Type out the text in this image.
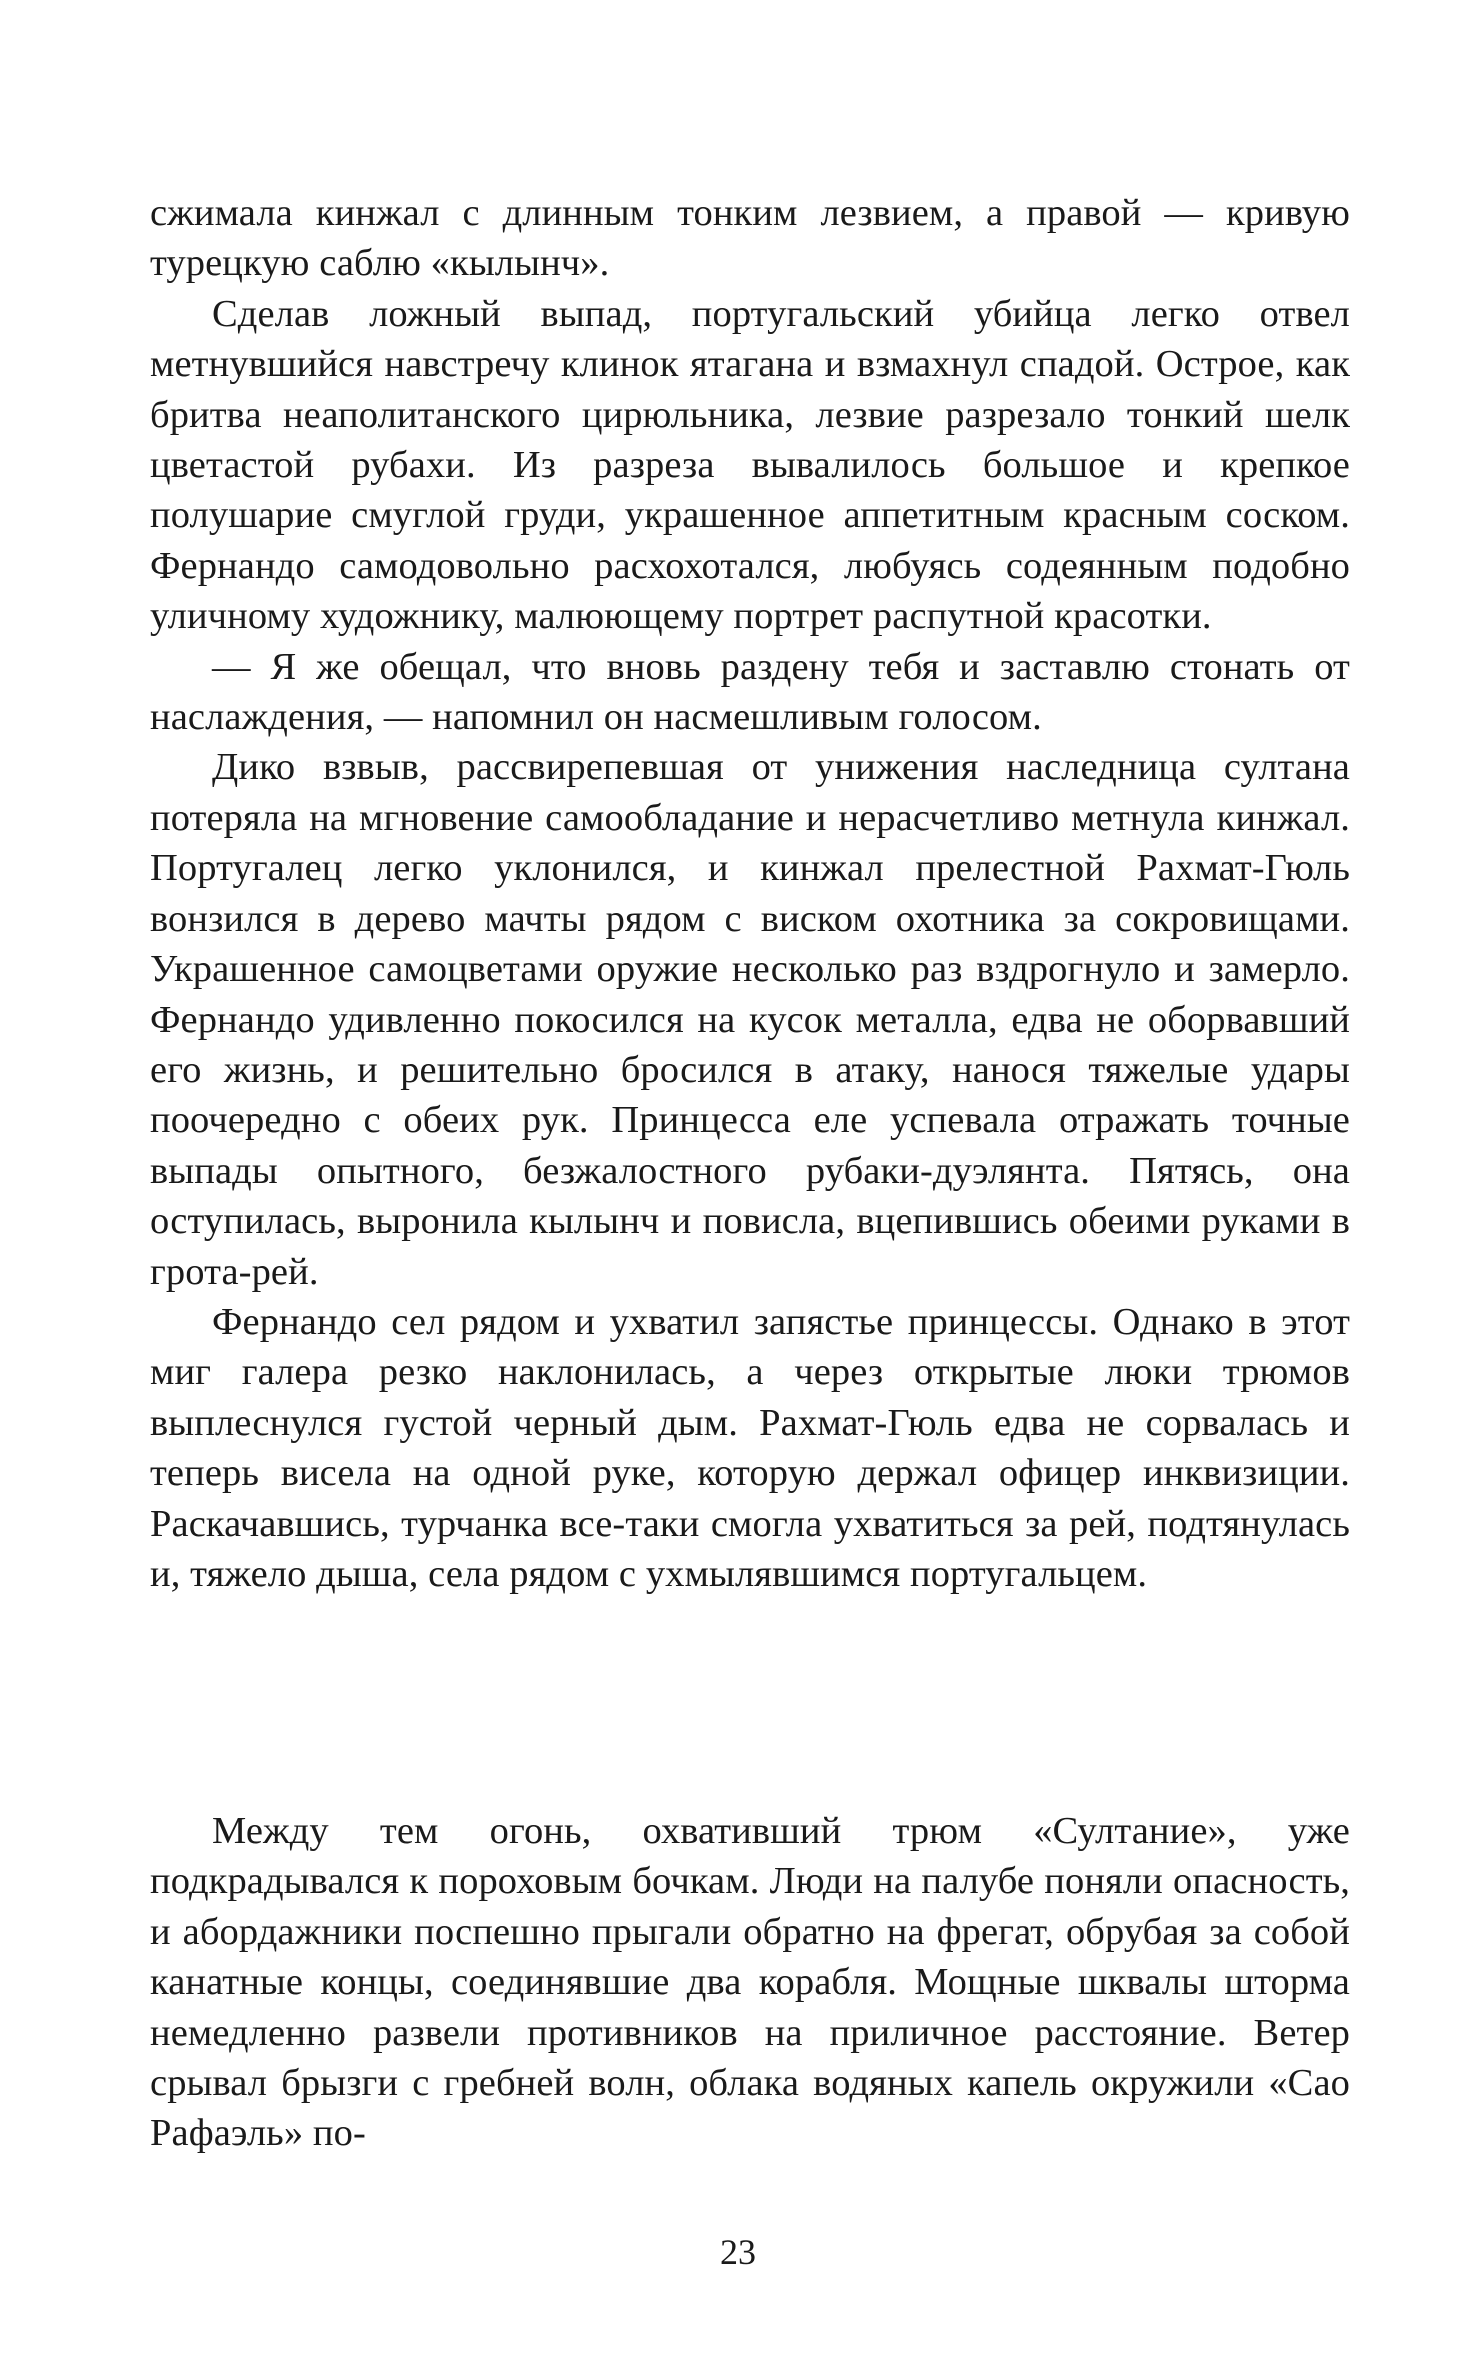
сжимала кинжал с длинным тонким лезвием, а правой — кривую турецкую саблю «кылынч».

Сделав ложный выпад, португальский убийца легко отвел метнувшийся навстречу клинок ятагана и взмахнул спадой. Острое, как бритва неаполитанского цирюльника, лезвие разрезало тонкий шелк цветастой рубахи. Из разреза вывалилось большое и крепкое полушарие смуглой груди, украшенное аппетитным красным соском. Фернандо самодовольно расхохотался, любуясь содеянным подобно уличному художнику, малюющему портрет распутной красотки.

— Я же обещал, что вновь раздену тебя и заставлю стонать от наслаждения, — напомнил он насмешливым голосом.

Дико взвыв, рассвирепевшая от унижения наследница султана потеряла на мгновение самообладание и нерасчетливо метнула кинжал. Португалец легко уклонился, и кинжал прелестной Рахмат-Гюль вонзился в дерево мачты рядом с виском охотника за сокровищами. Украшенное самоцветами оружие несколько раз вздрогнуло и замерло. Фернандо удивленно покосился на кусок металла, едва не оборвавший его жизнь, и решительно бросился в атаку, нанося тяжелые удары поочередно с обеих рук. Принцесса еле успевала отражать точные выпады опытного, безжалостного рубаки-дуэлянта. Пятясь, она оступилась, выронила кылынч и повисла, вцепившись обеими руками в грота-рей.

Фернандо сел рядом и ухватил запястье принцессы. Однако в этот миг галера резко наклонилась, а через открытые люки трюмов выплеснулся густой черный дым. Рахмат-Гюль едва не сорвалась и теперь висела на одной руке, которую держал офицер инквизиции. Раскачавшись, турчанка все-таки смогла ухватиться за рей, подтянулась и, тяжело дыша, села рядом с ухмылявшимся португальцем.

Между тем огонь, охвативший трюм «Султание», уже подкрадывался к пороховым бочкам. Люди на палубе поняли опасность, и абордажники поспешно прыгали обратно на фрегат, обрубая за собой канатные концы, соединявшие два корабля. Мощные шквалы шторма немедленно развели противников на приличное расстояние. Ветер срывал брызги с гребней волн, облака водяных капель окружили «Сао Рафаэль» по-

23
